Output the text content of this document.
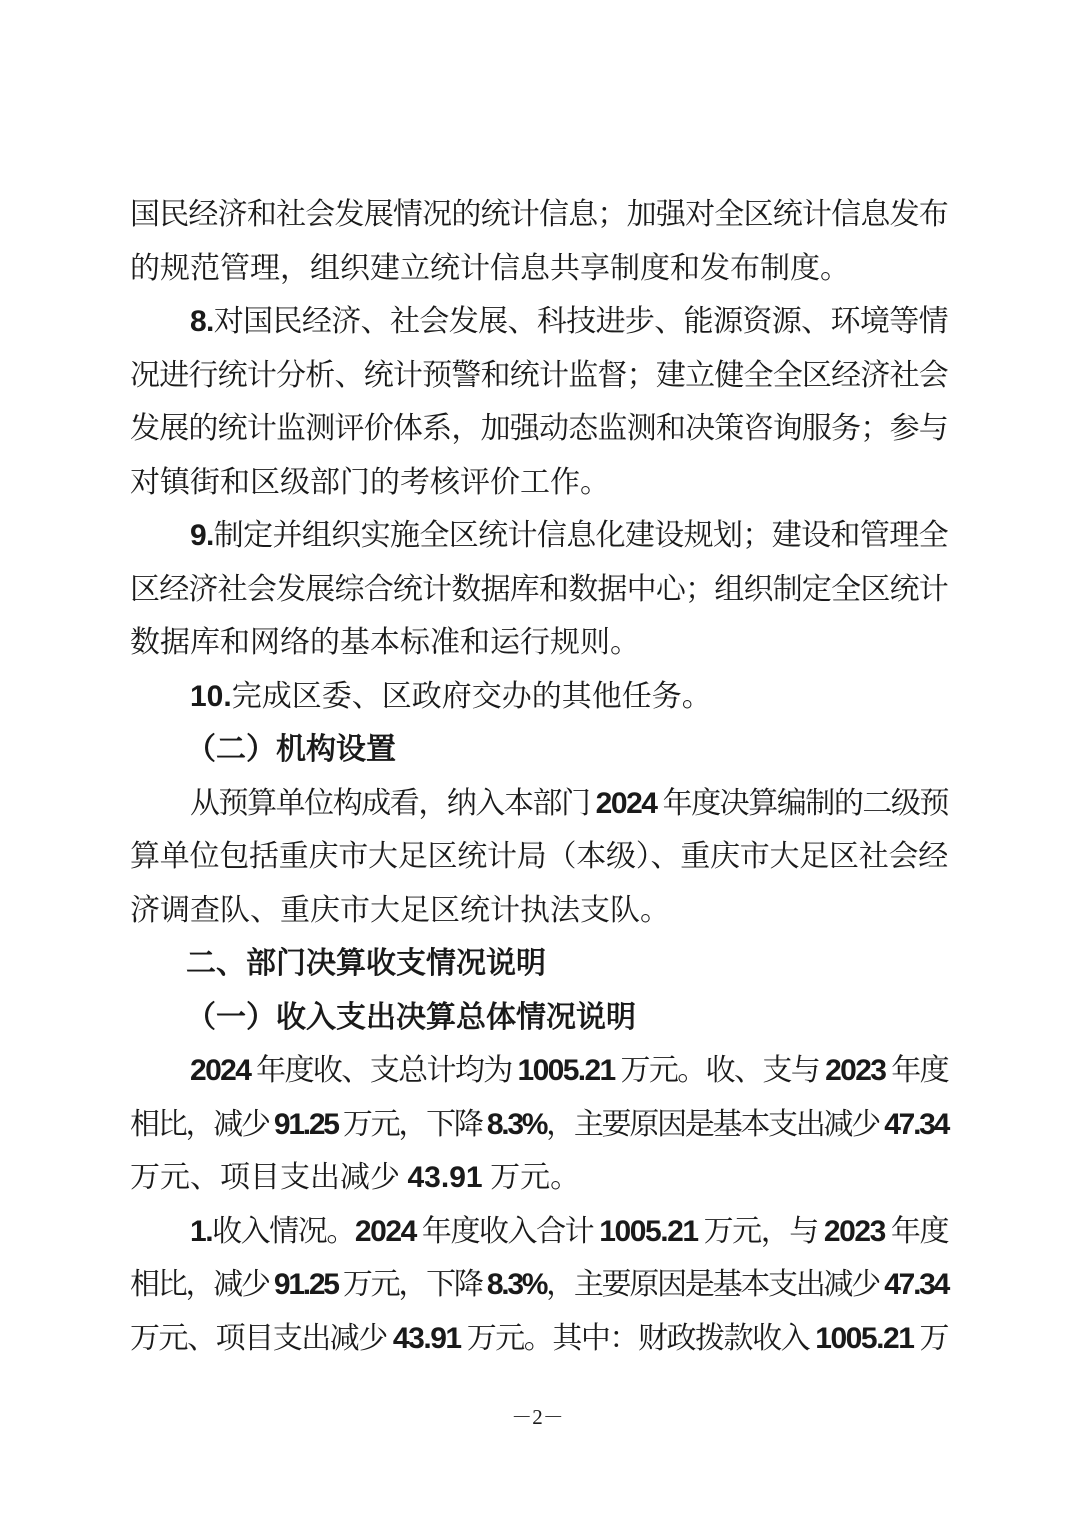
国民经济和社会发展情况的统计信息；加强对全区统计信息发布
的规范管理，组织建立统计信息共享制度和发布制度。
8.对国民经济、社会发展、科技进步、能源资源、环境等情
况进行统计分析、统计预警和统计监督；建立健全全区经济社会
发展的统计监测评价体系，加强动态监测和决策咨询服务；参与
对镇街和区级部门的考核评价工作。
9.制定并组织实施全区统计信息化建设规划；建设和管理全
区经济社会发展综合统计数据库和数据中心；组织制定全区统计
数据库和网络的基本标准和运行规则。
10.完成区委、区政府交办的其他任务。
（二）机构设置
从预算单位构成看，纳入本部门 2024 年度决算编制的二级预
算单位包括重庆市大足区统计局（本级）、重庆市大足区社会经
济调查队、重庆市大足区统计执法支队。
二、部门决算收支情况说明
（一）收入支出决算总体情况说明
2024 年度收、支总计均为 1005.21 万元。收、支与 2023 年度
相比，减少 91.25 万元，下降 8.3%，主要原因是基本支出减少 47.34
万元、项目支出减少 43.91 万元。
1.收入情况。2024 年度收入合计 1005.21 万元，与 2023 年度
相比，减少 91.25 万元，下降 8.3%，主要原因是基本支出减少 47.34
万元、项目支出减少 43.91 万元。其中：财政拨款收入 1005.21 万
－2－
